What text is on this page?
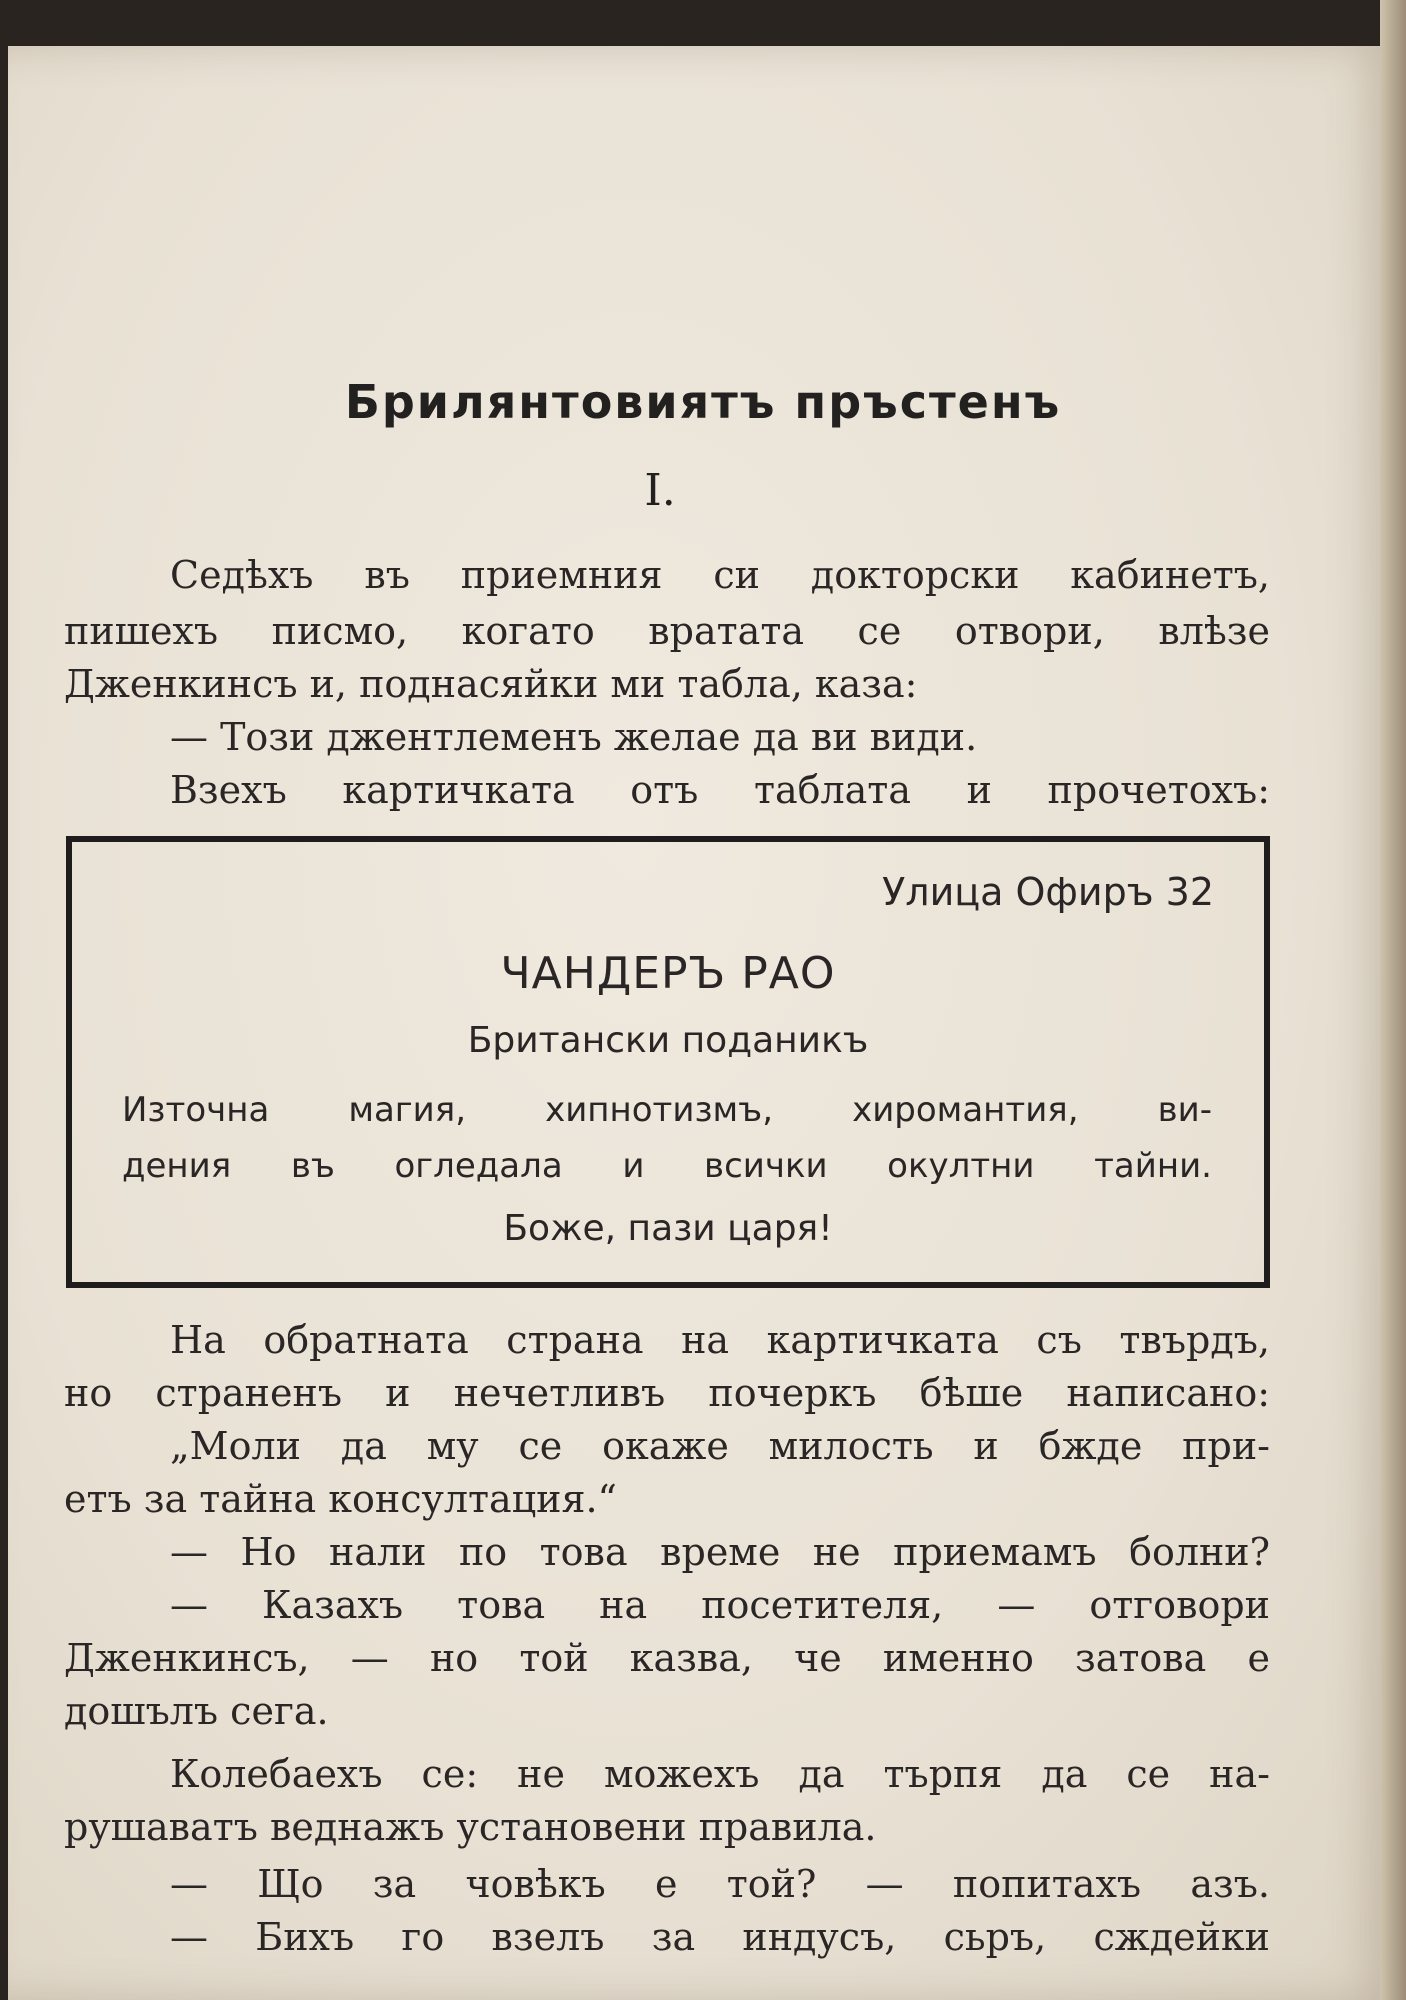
Брилянтовиятъ пръстенъ
I.
Седѣхъ въ приемния си докторски кабинетъ,
пишехъ писмо, когато вратата се отвори, влѣзе
Дженкинсъ и, поднасяйки ми табла, каза:
— Този джентлеменъ желае да ви види.
Взехъ картичката отъ таблата и прочетохъ:
Улица Офиръ 32
ЧАНДЕРЪ РАО
Британски поданикъ
Източна магия, хипнотизмъ, хиромантия, ви-
дения въ огледала и всички окултни тайни.
Боже, пази царя!
На обратната страна на картичката съ твърдъ,
но страненъ и нечетливъ почеркъ бѣше написано:
„Моли да му се окаже милость и бжде при-
етъ за тайна консултация.“
— Но нали по това време не приемамъ болни?
— Казахъ това на посетителя, — отговори
Дженкинсъ, — но той казва, че именно затова е
дошълъ сега.
Колебаехъ се: не можехъ да търпя да се на-
рушаватъ веднажъ установени правила.
— Що за човѣкъ е той? — попитахъ азъ.
— Бихъ го взелъ за индусъ, сьръ, сждейки
